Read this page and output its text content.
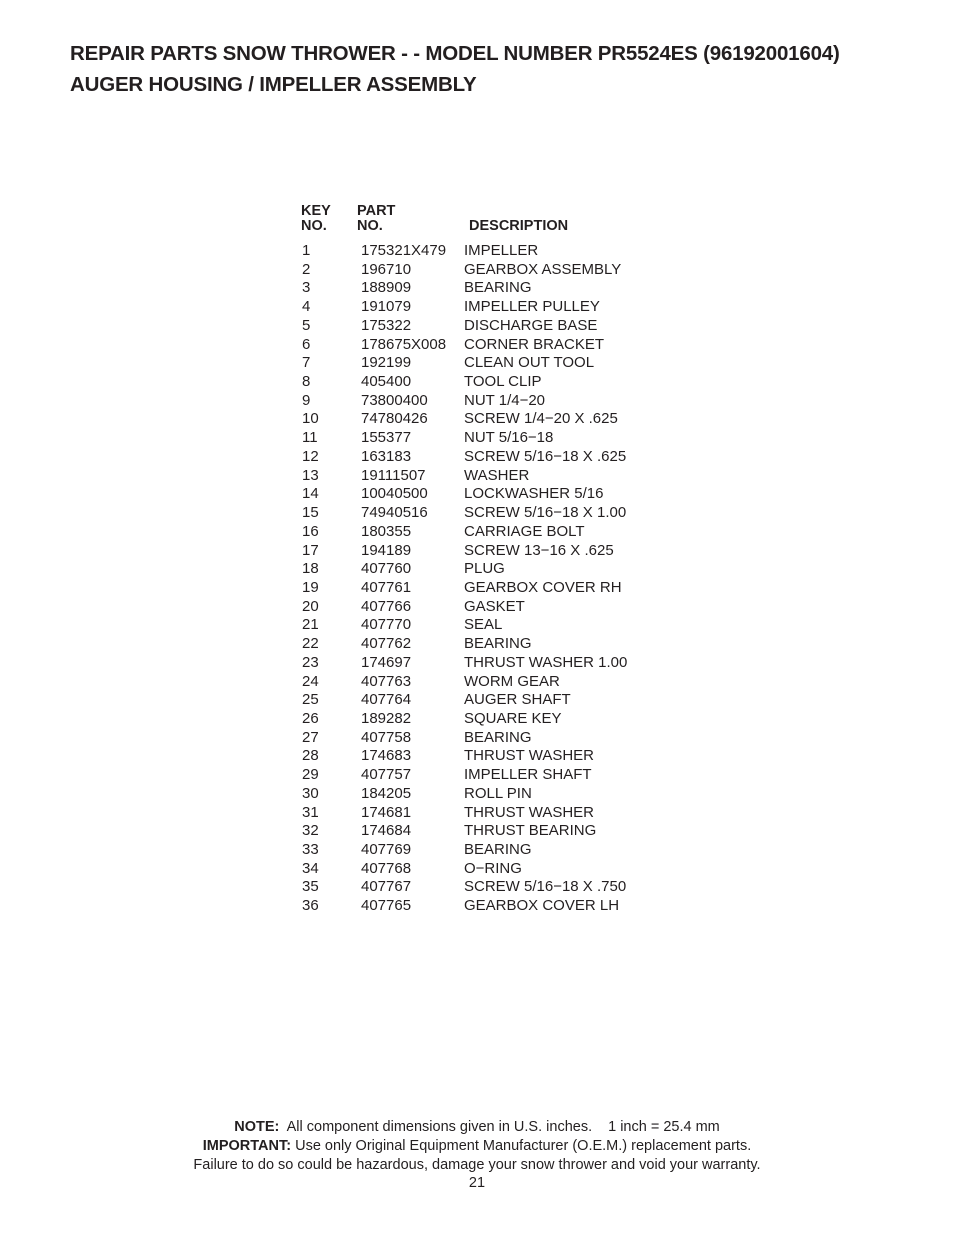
REPAIR PARTS SNOW THROWER - - MODEL NUMBER PR5524ES (96192001604)
AUGER HOUSING / IMPELLER ASSEMBLY
KEY
NO.
PART
NO.	DESCRIPTION
1	175321X479 IMPELLER
2	196710	GEARBOX ASSEMBLY
3	188909	BEARING
4	191079	IMPELLER PULLEY
5	175322	DISCHARGE BASE
6	178675X008 CORNER BRACKET
7	192199	CLEAN OUT TOOL
8	405400	TOOL CLIP
9	73800400 NUT 1/4−20
10	74780426 SCREW 1/4−20 X .625
11	155377	NUT 5/16−18
12	163183	SCREW 5/16−18 X .625
13	19111507	WASHER
14	10040500 LOCKWASHER 5/16
15	74940516 SCREW 5/16−18 X 1.00
16	180355	CARRIAGE BOLT
17	194189	SCREW 13−16 X .625
18	407760	PLUG
19	407761	GEARBOX COVER RH
20	407766	GASKET
21	407770	SEAL
22	407762	BEARING
23	174697	THRUST WASHER 1.00
24	407763	WORM GEAR
25	407764	AUGER SHAFT
26	189282	SQUARE KEY
27	407758	BEARING
28	174683	THRUST WASHER
29	407757	IMPELLER SHAFT
30	184205	ROLL PIN
31	174681	THRUST WASHER
32	174684	THRUST BEARING
33	407769	BEARING
34	407768	O−RING
35	407767	SCREW 5/16−18 X .750
36	407765	GEARBOX COVER LH

NOTE: All component dimensions given in U.S. inches. 1 inch = 25.4 mm

IMPORTANT: Use only Original Equipment Manufacturer (O.E.M.) replacement parts.

Failure to do so could be hazardous, damage your snow thrower and void your warranty.

21
